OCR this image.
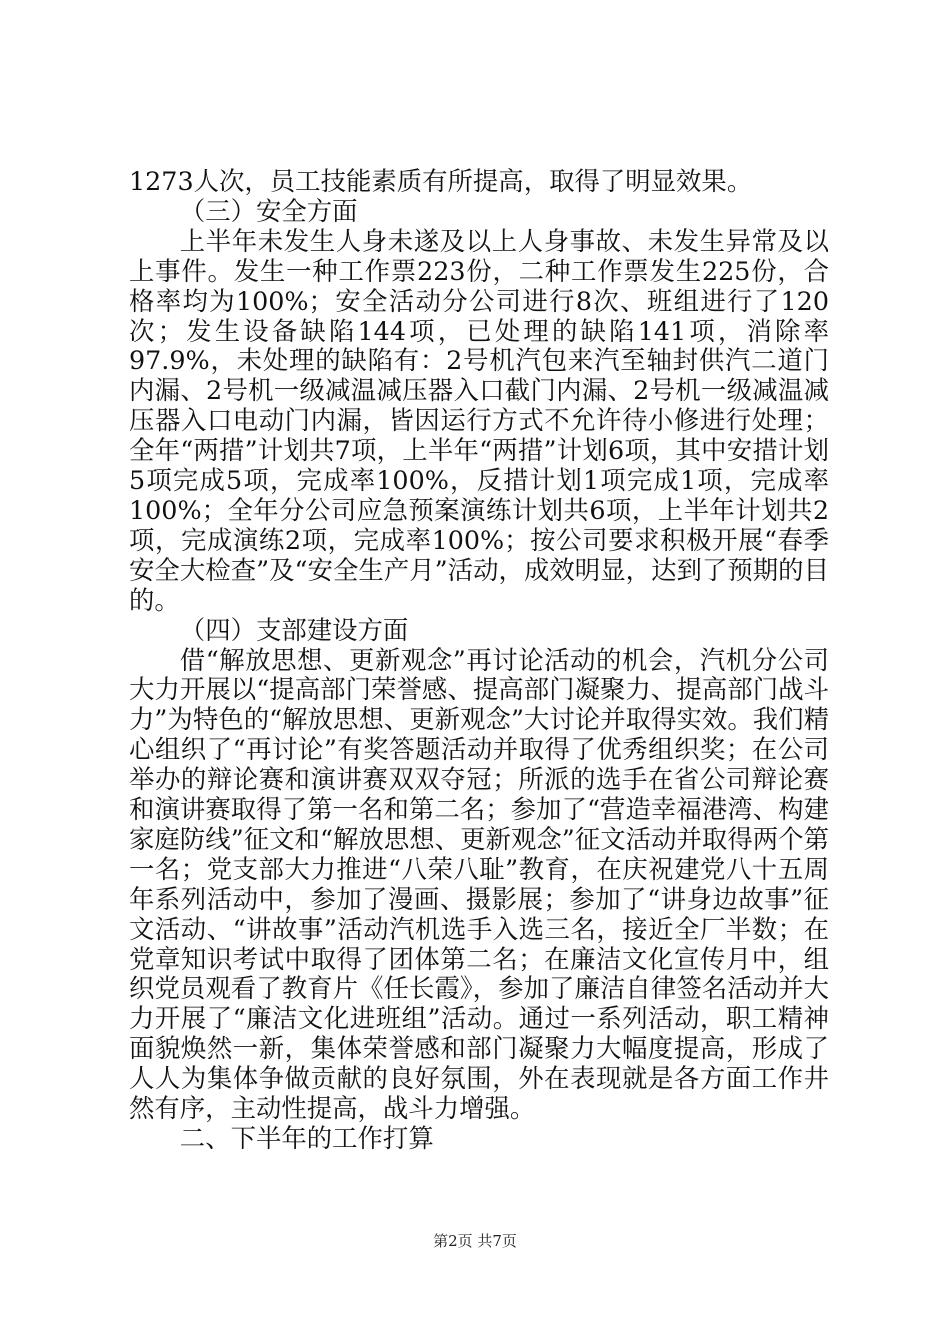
1273人次，员工技能素质有所提高，取得了明显效果。

（三）安全方面

上半年未发生人身未遂及以上人身事故、未发生异常及以上事件。发生一种工作票223份，二种工作票发生225份，合格率均为100%；安全活动分公司进行8次、班组进行了120次；发生设备缺陷144项，已处理的缺陷141项，消除率97.9%，未处理的缺陷有：2号机汽包来汽至轴封供汽二道门内漏、2号机一级减温减压器入口截门内漏、2号机一级减温减压器入口电动门内漏，皆因运行方式不允许待小修进行处理；全年“两措”计划共7项，上半年“两措”计划6项，其中安措计划5项完成5项，完成率100%，反措计划1项完成1项，完成率100%；全年分公司应急预案演练计划共6项，上半年计划共2项，完成演练2项，完成率100%；按公司要求积极开展“春季安全大检查”及“安全生产月”活动，成效明显，达到了预期的目的。

（四）支部建设方面

借“解放思想、更新观念”再讨论活动的机会，汽机分公司大力开展以“提高部门荣誉感、提高部门凝聚力、提高部门战斗力”为特色的“解放思想、更新观念”大讨论并取得实效。我们精心组织了“再讨论”有奖答题活动并取得了优秀组织奖；在公司举办的辩论赛和演讲赛双双夺冠；所派的选手在省公司辩论赛和演讲赛取得了第一名和第二名；参加了“营造幸福港湾、构建家庭防线”征文和“解放思想、更新观念”征文活动并取得两个第一名；党支部大力推进“八荣八耻”教育，在庆祝建党八十五周年系列活动中，参加了漫画、摄影展；参加了“讲身边故事”征文活动、“讲故事”活动汽机选手入选三名，接近全厂半数；在党章知识考试中取得了团体第二名；在廉洁文化宣传月中，组织党员观看了教育片《任长霞》，参加了廉洁自律签名活动并大力开展了“廉洁文化进班组”活动。通过一系列活动，职工精神面貌焕然一新，集体荣誉感和部门凝聚力大幅度提高，形成了人人为集体争做贡献的良好氛围，外在表现就是各方面工作井然有序，主动性提高，战斗力增强。

二、下半年的工作打算

第2页 共7页
